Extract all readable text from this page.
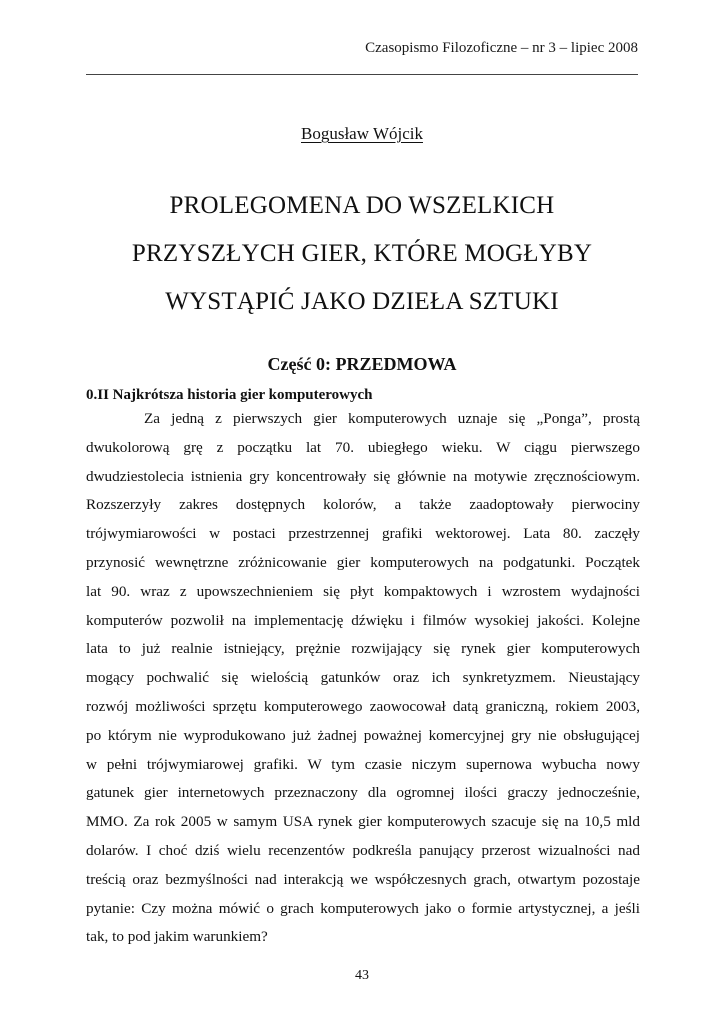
Czasopismo Filozoficzne – nr 3 – lipiec 2008
Bogusław Wójcik
PROLEGOMENA DO WSZELKICH
PRZYSZŁYCH GIER, KTÓRE MOGŁYBY
WYSTĄPIĆ JAKO DZIEŁA SZTUKI
Część 0: PRZEDMOWA
0.II Najkrótsza historia gier komputerowych
Za jedną z pierwszych gier komputerowych uznaje się „Ponga”, prostą
dwukolorową grę z początku lat 70. ubiegłego wieku. W ciągu pierwszego
dwudziestolecia istnienia gry koncentrowały się głównie na motywie zręcznościowym.
Rozszerzyły zakres dostępnych kolorów, a także zaadoptowały pierwociny
trójwymiarowości w postaci przestrzennej grafiki wektorowej. Lata 80. zaczęły
przynosić wewnętrzne zróżnicowanie gier komputerowych na podgatunki. Początek
lat 90. wraz z upowszechnieniem się płyt kompaktowych i wzrostem wydajności
komputerów pozwolił na implementację dźwięku i filmów wysokiej jakości. Kolejne
lata to już realnie istniejący, prężnie rozwijający się rynek gier komputerowych
mogący pochwalić się wielością gatunków oraz ich synkretyzmem. Nieustający
rozwój możliwości sprzętu komputerowego zaowocował datą graniczną, rokiem 2003,
po którym nie wyprodukowano już żadnej poważnej komercyjnej gry nie obsługującej
w pełni trójwymiarowej grafiki. W tym czasie niczym supernowa wybucha nowy
gatunek gier internetowych przeznaczony dla ogromnej ilości graczy jednocześnie,
MMO. Za rok 2005 w samym USA rynek gier komputerowych szacuje się na 10,5 mld
dolarów. I choć dziś wielu recenzentów podkreśla panujący przerost wizualności nad
treścią oraz bezmyślności nad interakcją we współczesnych grach, otwartym pozostaje
pytanie: Czy można mówić o grach komputerowych jako o formie artystycznej, a jeśli
tak, to pod jakim warunkiem?
43
